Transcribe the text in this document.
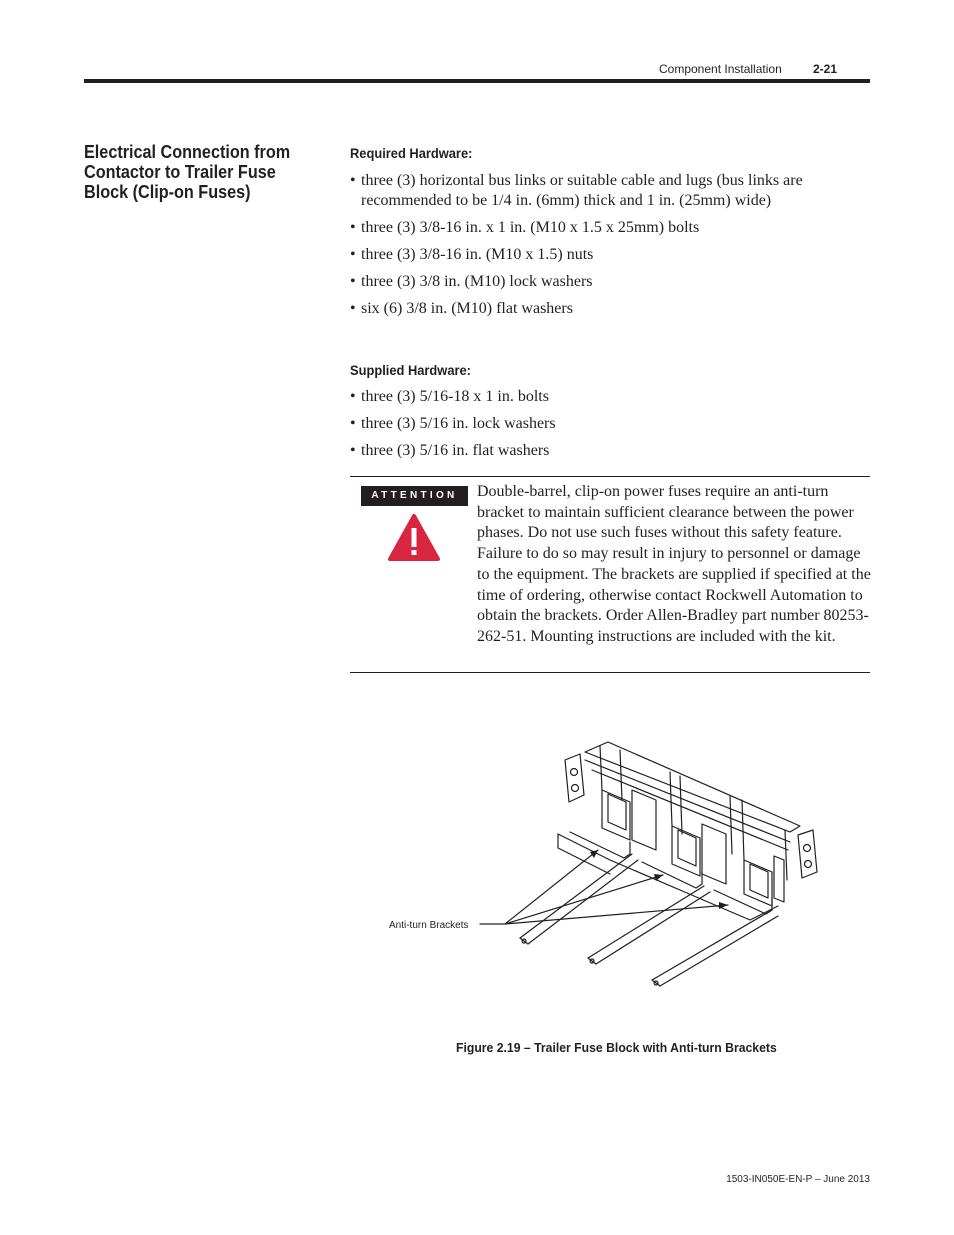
Component Installation	2-21
Electrical Connection from Contactor to Trailer Fuse Block (Clip-on Fuses)
Required Hardware:
• three (3) horizontal bus links or suitable cable and lugs (bus links are recommended to be 1/4 in. (6mm) thick and 1 in. (25mm) wide)
• three (3) 3/8-16 in. x 1 in. (M10 x 1.5 x 25mm) bolts
• three (3) 3/8-16 in. (M10 x 1.5) nuts
• three (3) 3/8 in. (M10) lock washers
• six (6) 3/8 in. (M10) flat washers
Supplied Hardware:
• three (3) 5/16-18 x 1 in. bolts
• three (3) 5/16 in. lock washers
• three (3) 5/16 in. flat washers
ATTENTION	Double-barrel, clip-on power fuses require an anti-turn bracket to maintain sufficient clearance between the power phases. Do not use such fuses without this safety feature. Failure to do so may result in injury to personnel or damage to the equipment. The brackets are supplied if specified at the time of ordering, otherwise contact Rockwell Automation to obtain the brackets. Order Allen-Bradley part number 80253-262-51. Mounting instructions are included with the kit.
Anti-turn Brackets
Figure 2.19 – Trailer Fuse Block with Anti-turn Brackets
1503-IN050E-EN-P – June 2013
